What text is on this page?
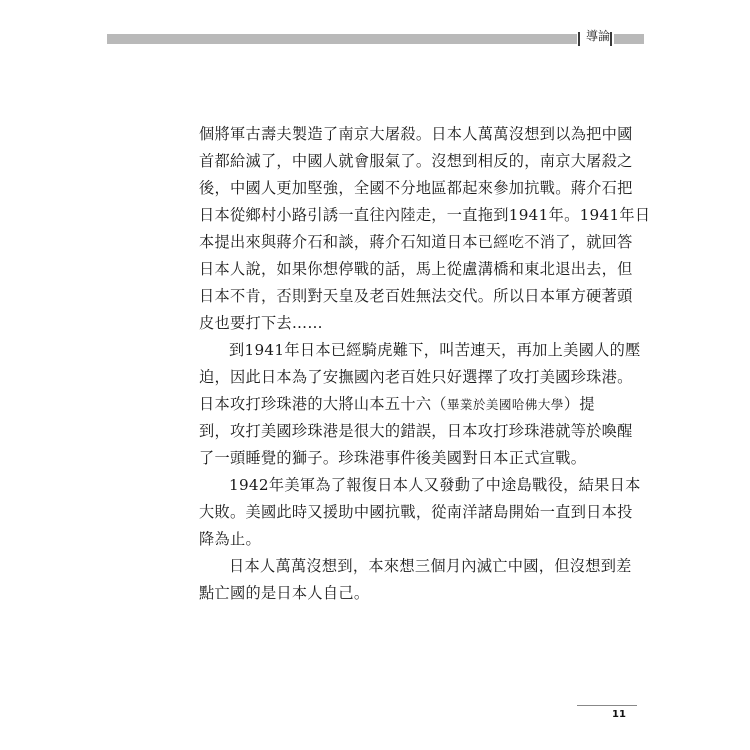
導論

個將軍古壽夫製造了南京大屠殺。日本人萬萬沒想到以為把中國
首都給滅了，中國人就會服氣了。沒想到相反的，南京大屠殺之
後，中國人更加堅強，全國不分地區都起來參加抗戰。蔣介石把
日本從鄉村小路引誘一直往內陸走，一直拖到1941年。1941年日
本提出來與蔣介石和談，蔣介石知道日本已經吃不消了，就回答
日本人說，如果你想停戰的話，馬上從盧溝橋和東北退出去，但
日本不肯，否則對天皇及老百姓無法交代。所以日本軍方硬著頭
皮也要打下去……

到1941年日本已經騎虎難下，叫苦連天，再加上美國人的壓
迫，因此日本為了安撫國內老百姓只好選擇了攻打美國珍珠港。
日本攻打珍珠港的大將山本五十六（畢業於美國哈佛大學）提
到，攻打美國珍珠港是很大的錯誤，日本攻打珍珠港就等於喚醒
了一頭睡覺的獅子。珍珠港事件後美國對日本正式宣戰。

1942年美軍為了報復日本人又發動了中途島戰役，結果日本
大敗。美國此時又援助中國抗戰，從南洋諸島開始一直到日本投
降為止。

日本人萬萬沒想到，本來想三個月內滅亡中國，但沒想到差
點亡國的是日本人自己。

11
